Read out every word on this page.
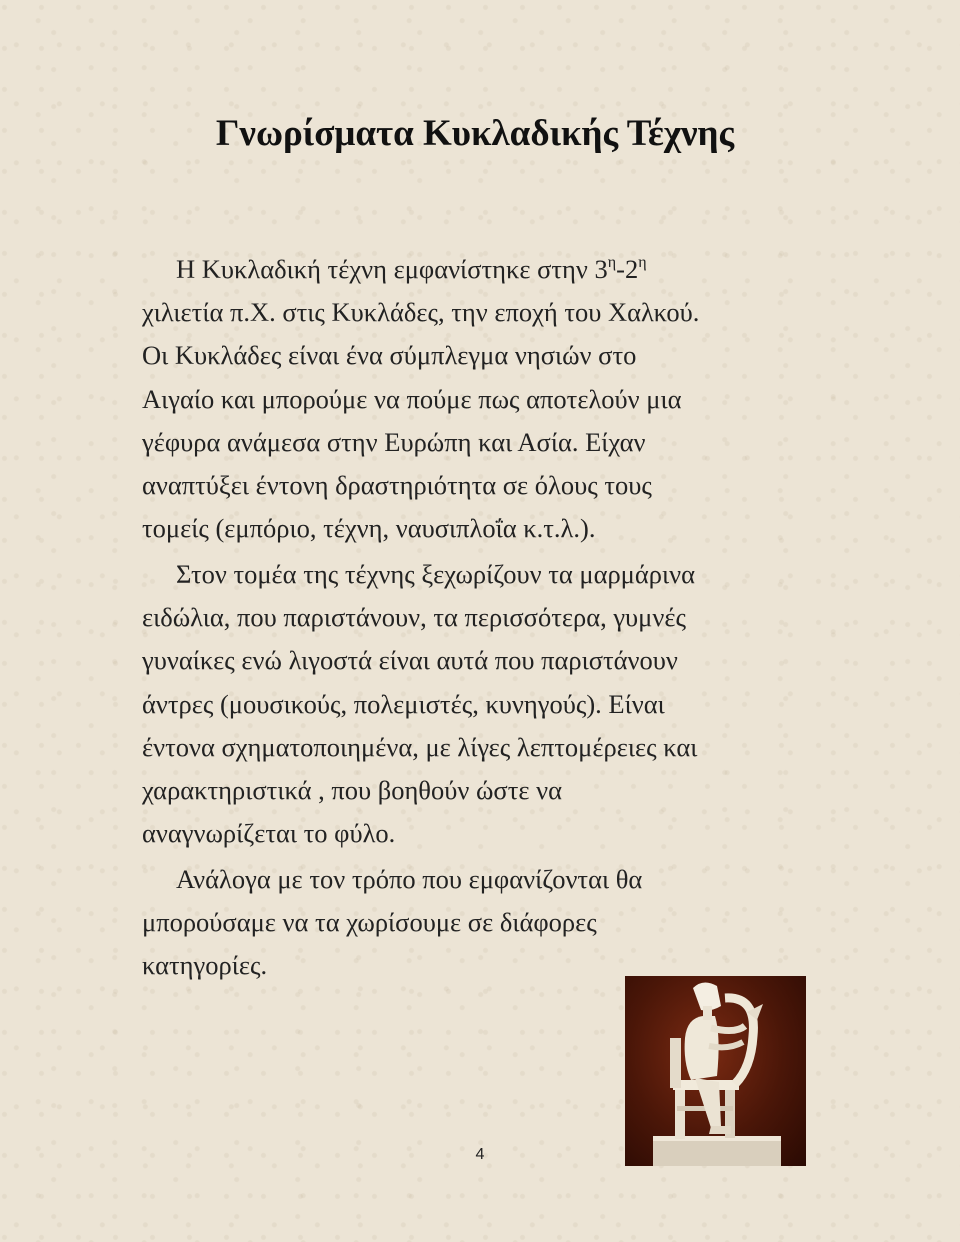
Γνωρίσματα Κυκλαδικής Τέχνης

Η Κυκλαδική τέχνη εμφανίστηκε στην $3^\eta-2^\eta$
χιλιετία π.Χ. στις Κυκλάδες, την εποχή του Χαλκού.
Οι Κυκλάδες είναι ένα σύμπλεγμα νησιών στο
Αιγαίο και μπορούμε να πούμε πως αποτελούν μια
γέφυρα ανάμεσα στην Ευρώπη και Ασία. Είχαν
αναπτύξει έντονη δραστηριότητα σε όλους τους
τομείς (εμπόριο, τέχνη, ναυσιπλοΐα κ.τ.λ.).

Στον τομέα της τέχνης ξεχωρίζουν τα μαρμάρινα
ειδώλια, που παριστάνουν, τα περισσότερα, γυμνές
γυναίκες ενώ λιγοστά είναι αυτά που παριστάνουν
άντρες (μουσικούς, πολεμιστές, κυνηγούς). Είναι
έντονα σχηματοποιημένα, με λίγες λεπτομέρειες και
χαρακτηριστικά , που βοηθούν ώστε να
αναγνωρίζεται το φύλο.

Ανάλογα με τον τρόπο που εμφανίζονται θα
μπορούσαμε να τα χωρίσουμε σε διάφορες
κατηγορίες.

4
